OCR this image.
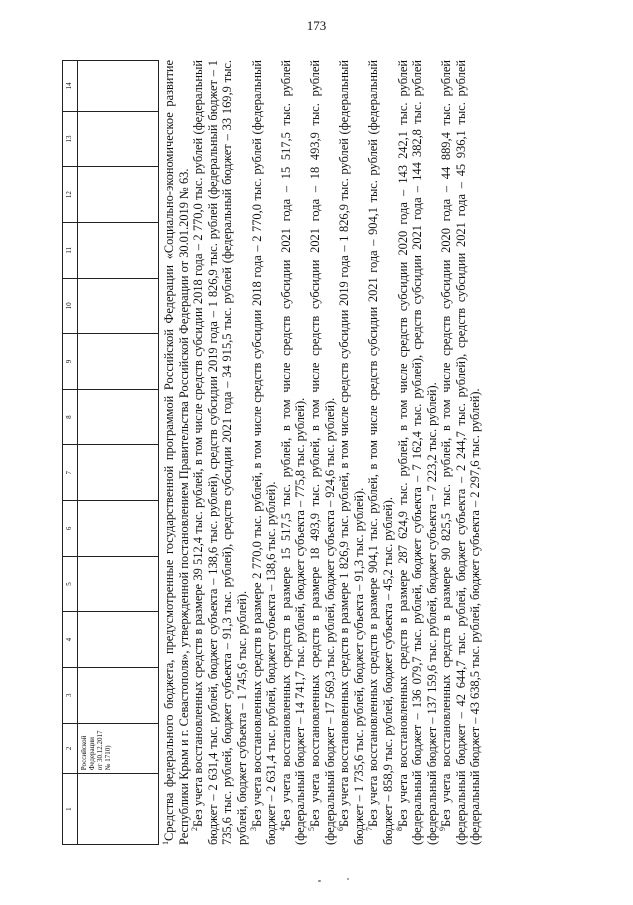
173
1	2	3	4	5	6	7	8	9	10	11	12	13	14

	Российской Федерации от 30.12.2017 № 1710)												

$^1$Средства федерального бюджета, предусмотренные государственной программой Российской Федерации «Социально-экономическое развитие Республики Крым и г. Севастополя», утвержденной постановлением Правительства Российской Федерации от 30.01.2019 № 63. $^2$Без учета восстановленных средств в размере 39 512,4 тыс. рублей, в том числе средств субсидии 2018 года – 2 770,0 тыс. рублей (федеральный бюджет – 2 631,4 тыс. рублей, бюджет субъекта – 138,6 тыс. рублей), средств субсидии 2019 года – 1 826,9 тыс. рублей (федеральный бюджет – 1 735,6 тыс. рублей, бюджет субъекта – 91,3 тыс. рублей), средств субсидии 2021 года – 34 915,5 тыс. рублей (федеральный бюджет – 33 169,9 тыс. рублей, бюджет субъекта – 1 745,6 тыс. рублей). $^3$Без учета восстановленных средств в размере 2 770,0 тыс. рублей, в том числе средств субсидии 2018 года – 2 770,0 тыс. рублей (федеральный бюджет – 2 631,4 тыс. рублей, бюджет субъекта – 138,6 тыс. рублей). $^4$Без учета восстановленных средств в размере 15 517,5 тыс. рублей, в том числе средств субсидии 2021 года – 15 517,5 тыс. рублей (федеральный бюджет – 14 741,7 тыс. рублей, бюджет субъекта – 775,8 тыс. рублей). $^5$Без учета восстановленных средств в размере 18 493,9 тыс. рублей, в том числе средств субсидии 2021 года – 18 493,9 тыс. рублей (федеральный бюджет – 17 569,3 тыс. рублей, бюджет субъекта – 924,6 тыс. рублей). $^6$Без учета восстановленных средств в размере 1 826,9 тыс. рублей, в том числе средств субсидии 2019 года – 1 826,9 тыс. рублей (федеральный бюджет – 1 735,6 тыс. рублей, бюджет субъекта – 91,3 тыс. рублей). $^7$Без учета восстановленных средств в размере 904,1 тыс. рублей, в том числе средств субсидии 2021 года – 904,1 тыс. рублей (федеральный бюджет – 858,9 тыс. рублей, бюджет субъекта – 45,2 тыс. рублей). $^8$Без учета восстановленных средств в размере 287 624,9 тыс. рублей, в том числе средств субсидии 2020 года – 143 242,1 тыс. рублей (федеральный бюджет – 136 079,7 тыс. рублей, бюджет субъекта – 7 162,4 тыс. рублей), средств субсидии 2021 года – 144 382,8 тыс. рублей (федеральный бюджет – 137 159,6 тыс. рублей, бюджет субъекта – 7 223,2 тыс. рублей). $^9$Без учета восстановленных средств в размере 90 825,5 тыс. рублей, в том числе средств субсидии 2020 года – 44 889,4 тыс. рублей (федеральный бюджет – 42 644,7 тыс. рублей, бюджет субъекта – 2 244,7 тыс. рублей), средств субсидии 2021 года – 45 936,1 тыс. рублей (федеральный бюджет – 43 638,5 тыс. рублей, бюджет субъекта – 2 297,6 тыс. рублей).
